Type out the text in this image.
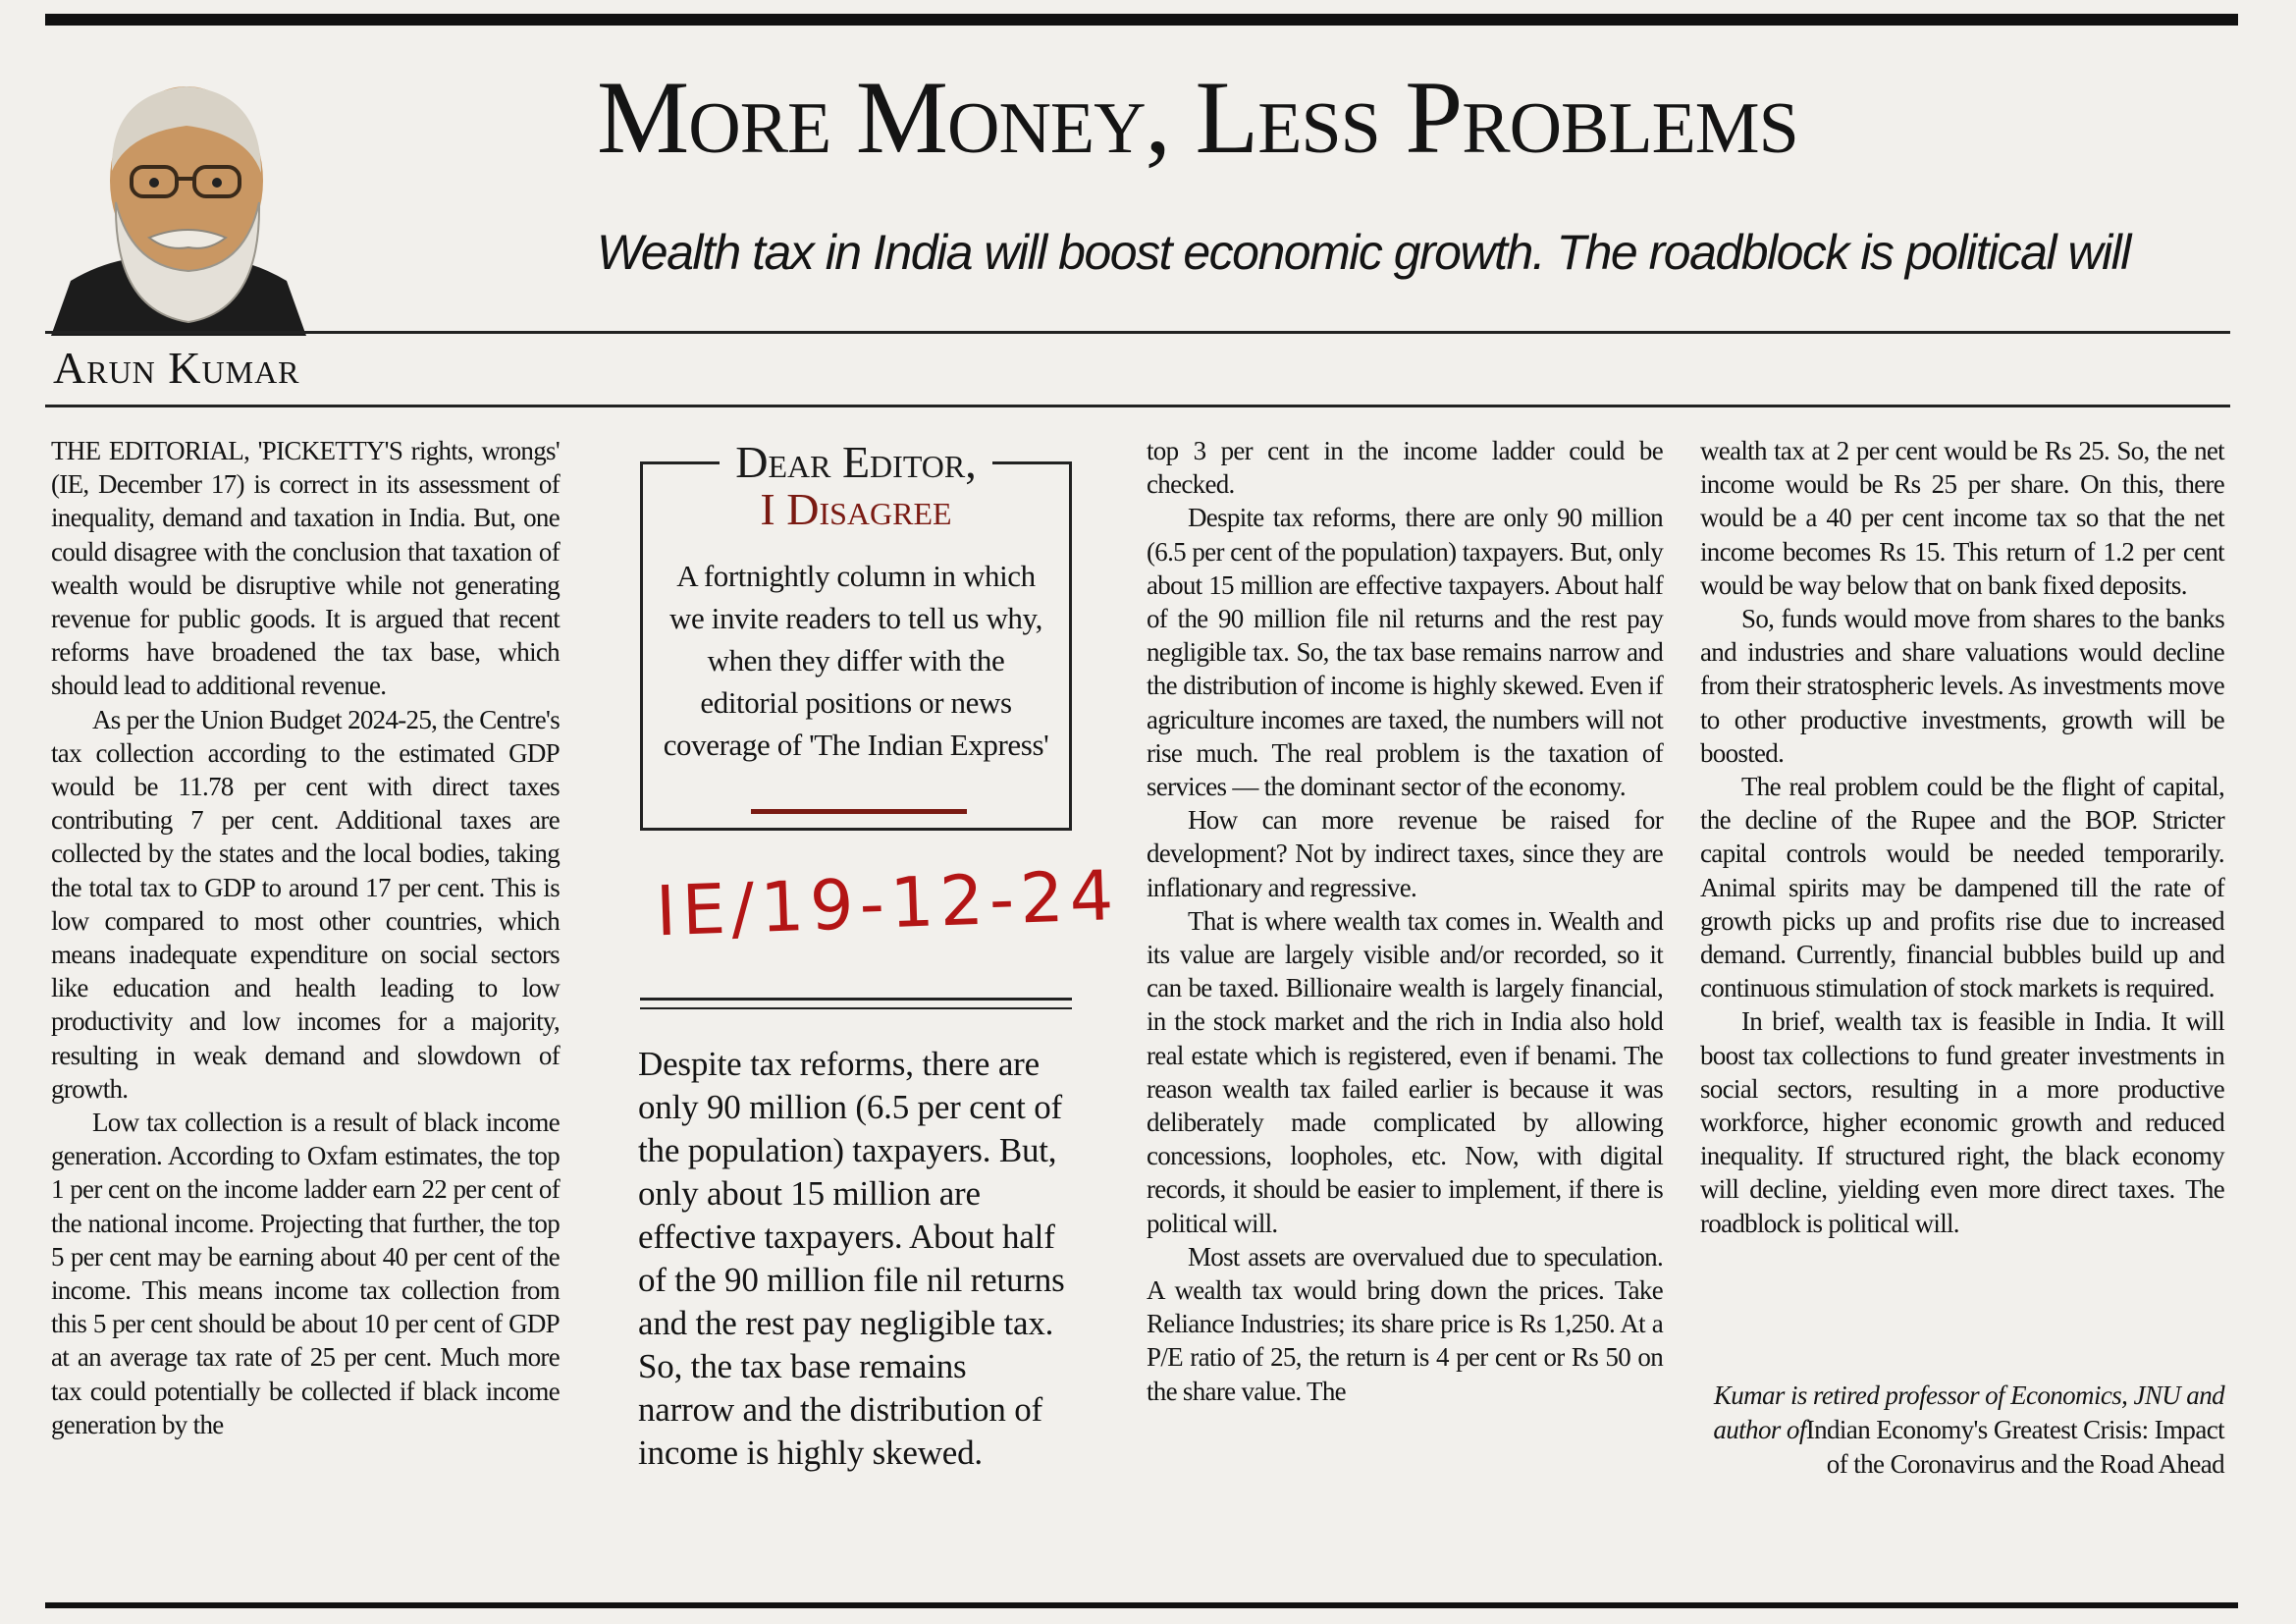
More Money, Less Problems
Wealth tax in India will boost economic growth. The roadblock is political will
Arun Kumar

THE EDITORIAL, 'PICKETTY'S rights, wrongs' (IE, December 17) is correct in its assessment of inequality, demand and taxation in India. But, one could disagree with the conclusion that taxation of wealth would be disruptive while not generating revenue for public goods. It is argued that recent reforms have broadened the tax base, which should lead to additional revenue.

As per the Union Budget 2024-25, the Centre's tax collection according to the estimated GDP would be 11.78 per cent with direct taxes contributing 7 per cent. Additional taxes are collected by the states and the local bodies, taking the total tax to GDP to around 17 per cent. This is low compared to most other countries, which means inadequate expenditure on social sectors like education and health leading to low productivity and low incomes for a majority, resulting in weak demand and slowdown of growth.

Low tax collection is a result of black income generation. According to Oxfam estimates, the top 1 per cent on the income ladder earn 22 per cent of the national income. Projecting that further, the top 5 per cent may be earning about 40 per cent of the income. This means income tax collection from this 5 per cent should be about 10 per cent of GDP at an average tax rate of 25 per cent. Much more tax could potentially be collected if black income generation by the

Dear Editor,
I Disagree
A fortnightly column in which we invite readers to tell us why, when they differ with the editorial positions or news coverage of 'The Indian Express'
IE/19-12-24
Despite tax reforms, there are only 90 million (6.5 per cent of the population) taxpayers. But, only about 15 million are effective taxpayers. About half of the 90 million file nil returns and the rest pay negligible tax. So, the tax base remains narrow and the distribution of income is highly skewed.

top 3 per cent in the income ladder could be checked.

Despite tax reforms, there are only 90 million (6.5 per cent of the population) taxpayers. But, only about 15 million are effective taxpayers. About half of the 90 million file nil returns and the rest pay negligible tax. So, the tax base remains narrow and the distribution of income is highly skewed. Even if agriculture incomes are taxed, the numbers will not rise much. The real problem is the taxation of services — the dominant sector of the economy.

How can more revenue be raised for development? Not by indirect taxes, since they are inflationary and regressive.

That is where wealth tax comes in. Wealth and its value are largely visible and/or recorded, so it can be taxed. Billionaire wealth is largely financial, in the stock market and the rich in India also hold real estate which is registered, even if benami. The reason wealth tax failed earlier is because it was deliberately made complicated by allowing concessions, loopholes, etc. Now, with digital records, it should be easier to implement, if there is political will.

Most assets are overvalued due to speculation. A wealth tax would bring down the prices. Take Reliance Industries; its share price is Rs 1,250. At a P/E ratio of 25, the return is 4 per cent or Rs 50 on the share value. The

wealth tax at 2 per cent would be Rs 25. So, the net income would be Rs 25 per share. On this, there would be a 40 per cent income tax so that the net income becomes Rs 15. This return of 1.2 per cent would be way below that on bank fixed deposits.

So, funds would move from shares to the banks and industries and share valuations would decline from their stratospheric levels. As investments move to other productive investments, growth will be boosted.

The real problem could be the flight of capital, the decline of the Rupee and the BOP. Stricter capital controls would be needed temporarily. Animal spirits may be dampened till the rate of growth picks up and profits rise due to increased demand. Currently, financial bubbles build up and continuous stimulation of stock markets is required.

In brief, wealth tax is feasible in India. It will boost tax collections to fund greater investments in social sectors, resulting in a more productive workforce, higher economic growth and reduced inequality. If structured right, the black economy will decline, yielding even more direct taxes. The roadblock is political will.

Kumar is retired professor of Economics, JNU and author ofIndian Economy's Greatest Crisis: Impact of the Coronavirus and the Road Ahead
